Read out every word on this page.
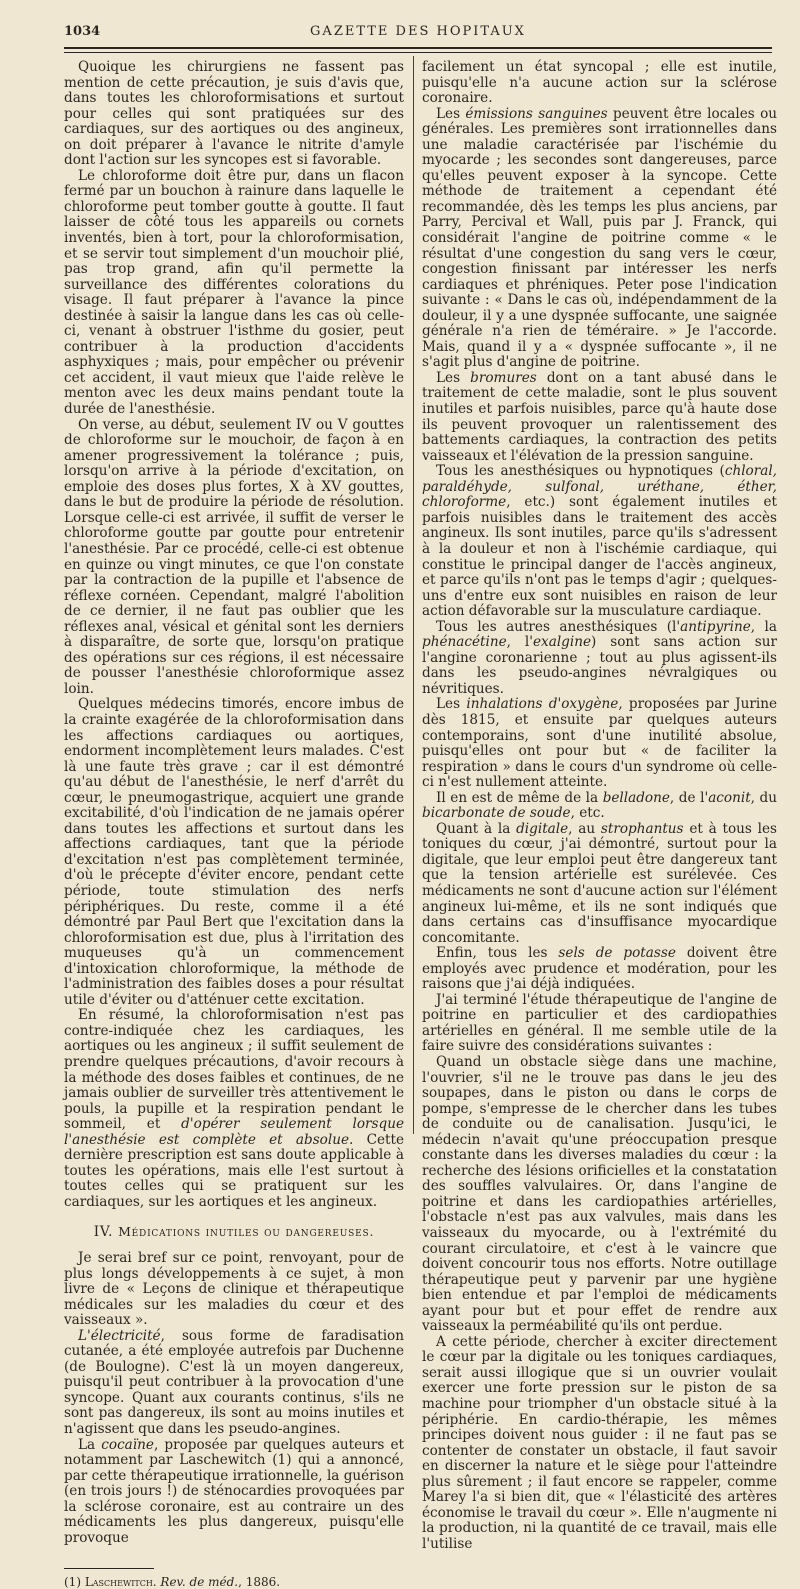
1034	GAZETTE DES HOPITAUX

Quoique les chirurgiens ne fassent pas mention de cette précaution, je suis d'avis que, dans toutes les chloroformisations et surtout pour celles qui sont pratiquées sur des cardiaques, sur des aortiques ou des angineux, on doit préparer à l'avance le nitrite d'amyle dont l'action sur les syncopes est si favorable.

Le chloroforme doit être pur, dans un flacon fermé par un bouchon à rainure dans laquelle le chloroforme peut tomber goutte à goutte. Il faut laisser de côté tous les appareils ou cornets inventés, bien à tort, pour la chloroformisation, et se servir tout simplement d'un mouchoir plié, pas trop grand, afin qu'il permette la surveillance des différentes colorations du visage. Il faut préparer à l'avance la pince destinée à saisir la langue dans les cas où celle-ci, venant à obstruer l'isthme du gosier, peut contribuer à la production d'accidents asphyxiques ; mais, pour empêcher ou prévenir cet accident, il vaut mieux que l'aide relève le menton avec les deux mains pendant toute la durée de l'anesthésie.

On verse, au début, seulement IV ou V gouttes de chloroforme sur le mouchoir, de façon à en amener progressivement la tolérance ; puis, lorsqu'on arrive à la période d'excitation, on emploie des doses plus fortes, X à XV gouttes, dans le but de produire la période de résolution. Lorsque celle-ci est arrivée, il suffit de verser le chloroforme goutte par goutte pour entretenir l'anesthésie. Par ce procédé, celle-ci est obtenue en quinze ou vingt minutes, ce que l'on constate par la contraction de la pupille et l'absence de réflexe cornéen. Cependant, malgré l'abolition de ce dernier, il ne faut pas oublier que les réflexes anal, vésical et génital sont les derniers à disparaître, de sorte que, lorsqu'on pratique des opérations sur ces régions, il est nécessaire de pousser l'anesthésie chloroformique assez loin.

Quelques médecins timorés, encore imbus de la crainte exagérée de la chloroformisation dans les affections cardiaques ou aortiques, endorment incomplètement leurs malades. C'est là une faute très grave ; car il est démontré qu'au début de l'anesthésie, le nerf d'arrêt du cœur, le pneumogastrique, acquiert une grande excitabilité, d'où l'indication de ne jamais opérer dans toutes les affections et surtout dans les affections cardiaques, tant que la période d'excitation n'est pas complètement terminée, d'où le précepte d'éviter encore, pendant cette période, toute stimulation des nerfs périphériques. Du reste, comme il a été démontré par Paul Bert que l'excitation dans la chloroformisation est due, plus à l'irritation des muqueuses qu'à un commencement d'intoxication chloroformique, la méthode de l'administration des faibles doses a pour résultat utile d'éviter ou d'atténuer cette excitation.

En résumé, la chloroformisation n'est pas contre-indiquée chez les cardiaques, les aortiques ou les angineux ; il suffit seulement de prendre quelques précautions, d'avoir recours à la méthode des doses faibles et continues, de ne jamais oublier de surveiller très attentivement le pouls, la pupille et la respiration pendant le sommeil, et d'opérer seulement lorsque l'anesthésie est complète et absolue. Cette dernière prescription est sans doute applicable à toutes les opérations, mais elle l'est surtout à toutes celles qui se pratiquent sur les cardiaques, sur les aortiques et les angineux.

IV. Médications inutiles ou dangereuses.

Je serai bref sur ce point, renvoyant, pour de plus longs développements à ce sujet, à mon livre de « Leçons de clinique et thérapeutique médicales sur les maladies du cœur et des vaisseaux ».

L'électricité, sous forme de faradisation cutanée, a été employée autrefois par Duchenne (de Boulogne). C'est là un moyen dangereux, puisqu'il peut contribuer à la provocation d'une syncope. Quant aux courants continus, s'ils ne sont pas dangereux, ils sont au moins inutiles et n'agissent que dans les pseudo-angines.

La cocaïne, proposée par quelques auteurs et notamment par Laschewitch (1) qui a annoncé, par cette thérapeutique irrationnelle, la guérison (en trois jours !) de sténocardies provoquées par la sclérose coronaire, est au contraire un des médicaments les plus dangereux, puisqu'elle provoque

(1) Laschewitch. Rev. de méd., 1886.

facilement un état syncopal ; elle est inutile, puisqu'elle n'a aucune action sur la sclérose coronaire.

Les émissions sanguines peuvent être locales ou générales. Les premières sont irrationnelles dans une maladie caractérisée par l'ischémie du myocarde ; les secondes sont dangereuses, parce qu'elles peuvent exposer à la syncope. Cette méthode de traitement a cependant été recommandée, dès les temps les plus anciens, par Parry, Percival et Wall, puis par J. Franck, qui considérait l'angine de poitrine comme « le résultat d'une congestion du sang vers le cœur, congestion finissant par intéresser les nerfs cardiaques et phréniques. Peter pose l'indication suivante : « Dans le cas où, indépendamment de la douleur, il y a une dyspnée suffocante, une saignée générale n'a rien de téméraire. » Je l'accorde. Mais, quand il y a « dyspnée suffocante », il ne s'agit plus d'angine de poitrine.

Les bromures dont on a tant abusé dans le traitement de cette maladie, sont le plus souvent inutiles et parfois nuisibles, parce qu'à haute dose ils peuvent provoquer un ralentissement des battements cardiaques, la contraction des petits vaisseaux et l'élévation de la pression sanguine.

Tous les anesthésiques ou hypnotiques (chloral, paraldéhyde, sulfonal, uréthane, éther, chloroforme, etc.) sont également inutiles et parfois nuisibles dans le traitement des accès angineux. Ils sont inutiles, parce qu'ils s'adressent à la douleur et non à l'ischémie cardiaque, qui constitue le principal danger de l'accès angineux, et parce qu'ils n'ont pas le temps d'agir ; quelques-uns d'entre eux sont nuisibles en raison de leur action défavorable sur la musculature cardiaque.

Tous les autres anesthésiques (l'antipyrine, la phénacétine, l'exalgine) sont sans action sur l'angine coronarienne ; tout au plus agissent-ils dans les pseudo-angines névralgiques ou névritiques.

Les inhalations d'oxygène, proposées par Jurine dès 1815, et ensuite par quelques auteurs contemporains, sont d'une inutilité absolue, puisqu'elles ont pour but « de faciliter la respiration » dans le cours d'un syndrome où celle-ci n'est nullement atteinte.

Il en est de même de la belladone, de l'aconit, du bicarbonate de soude, etc.

Quant à la digitale, au strophantus et à tous les toniques du cœur, j'ai démontré, surtout pour la digitale, que leur emploi peut être dangereux tant que la tension artérielle est surélevée. Ces médicaments ne sont d'aucune action sur l'élément angineux lui-même, et ils ne sont indiqués que dans certains cas d'insuffisance myocardique concomitante.

Enfin, tous les sels de potasse doivent être employés avec prudence et modération, pour les raisons que j'ai déjà indiquées.

J'ai terminé l'étude thérapeutique de l'angine de poitrine en particulier et des cardiopathies artérielles en général. Il me semble utile de la faire suivre des considérations suivantes :

Quand un obstacle siège dans une machine, l'ouvrier, s'il ne le trouve pas dans le jeu des soupapes, dans le piston ou dans le corps de pompe, s'empresse de le chercher dans les tubes de conduite ou de canalisation. Jusqu'ici, le médecin n'avait qu'une préoccupation presque constante dans les diverses maladies du cœur : la recherche des lésions orificielles et la constatation des souffles valvulaires. Or, dans l'angine de poitrine et dans les cardiopathies artérielles, l'obstacle n'est pas aux valvules, mais dans les vaisseaux du myocarde, ou à l'extrémité du courant circulatoire, et c'est à le vaincre que doivent concourir tous nos efforts. Notre outillage thérapeutique peut y parvenir par une hygiène bien entendue et par l'emploi de médicaments ayant pour but et pour effet de rendre aux vaisseaux la perméabilité qu'ils ont perdue.

A cette période, chercher à exciter directement le cœur par la digitale ou les toniques cardiaques, serait aussi illogique que si un ouvrier voulait exercer une forte pression sur le piston de sa machine pour triompher d'un obstacle situé à la périphérie. En cardio-thérapie, les mêmes principes doivent nous guider : il ne faut pas se contenter de constater un obstacle, il faut savoir en discerner la nature et le siège pour l'atteindre plus sûrement ; il faut encore se rappeler, comme Marey l'a si bien dit, que « l'élasticité des artères économise le travail du cœur ». Elle n'augmente ni la production, ni la quantité de ce travail, mais elle l'utilise
